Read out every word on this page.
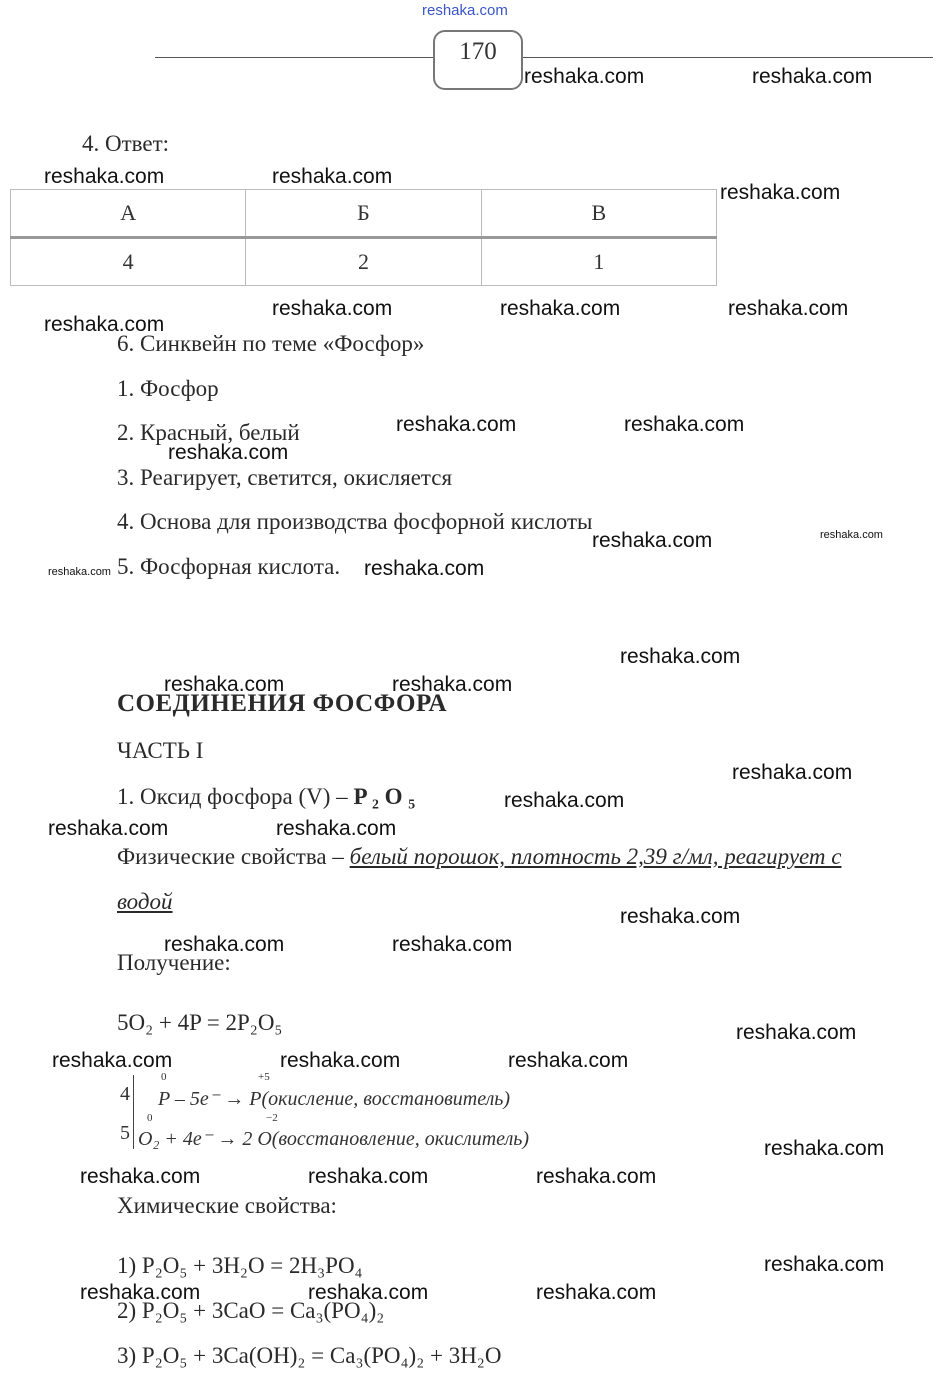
reshaka.com
170
4. Ответ:
А	Б	В
4	2	1
6. Синквейн по теме «Фосфор»
1. Фосфор
2. Красный, белый
3. Реагирует, светится, окисляется
4. Основа для производства фосфорной кислоты
5. Фосфорная кислота.
СОЕДИНЕНИЯ ФОСФОРА
ЧАСТЬ I
1. Оксид фосфора (V) – P ₂ O ₅
Физические свойства – белый порошок, плотность 2,39 г/мл, реагирует с
водой
Получение:
5O₂ + 4P = 2P₂O₅
4
5
0	+5
P – 5e⁻ → P(окисление, восстановитель)
0	−2
O₂ + 4e⁻ → 2 O(восстановление, окислитель)
Химические свойства:
1) P₂O₅ + 3H₂O = 2H₃PO₄
2) P₂O₅ + 3CaO = Ca₃(PO₄)₂
3) P₂O₅ + 3Ca(OH)₂ = Ca₃(PO₄)₂ + 3H₂O
reshaka.com	reshaka.com
reshaka.com	reshaka.com
reshaka.com
reshaka.com	reshaka.com	reshaka.com
reshaka.com
reshaka.com	reshaka.com
reshaka.com
reshaka.com	reshaka.com
reshaka.com	reshaka.com
reshaka.com
reshaka.com	reshaka.com
reshaka.com
reshaka.com
reshaka.com	reshaka.com
reshaka.com
reshaka.com	reshaka.com
reshaka.com
reshaka.com	reshaka.com	reshaka.com
reshaka.com
reshaka.com	reshaka.com	reshaka.com
reshaka.com
reshaka.com	reshaka.com	reshaka.com
